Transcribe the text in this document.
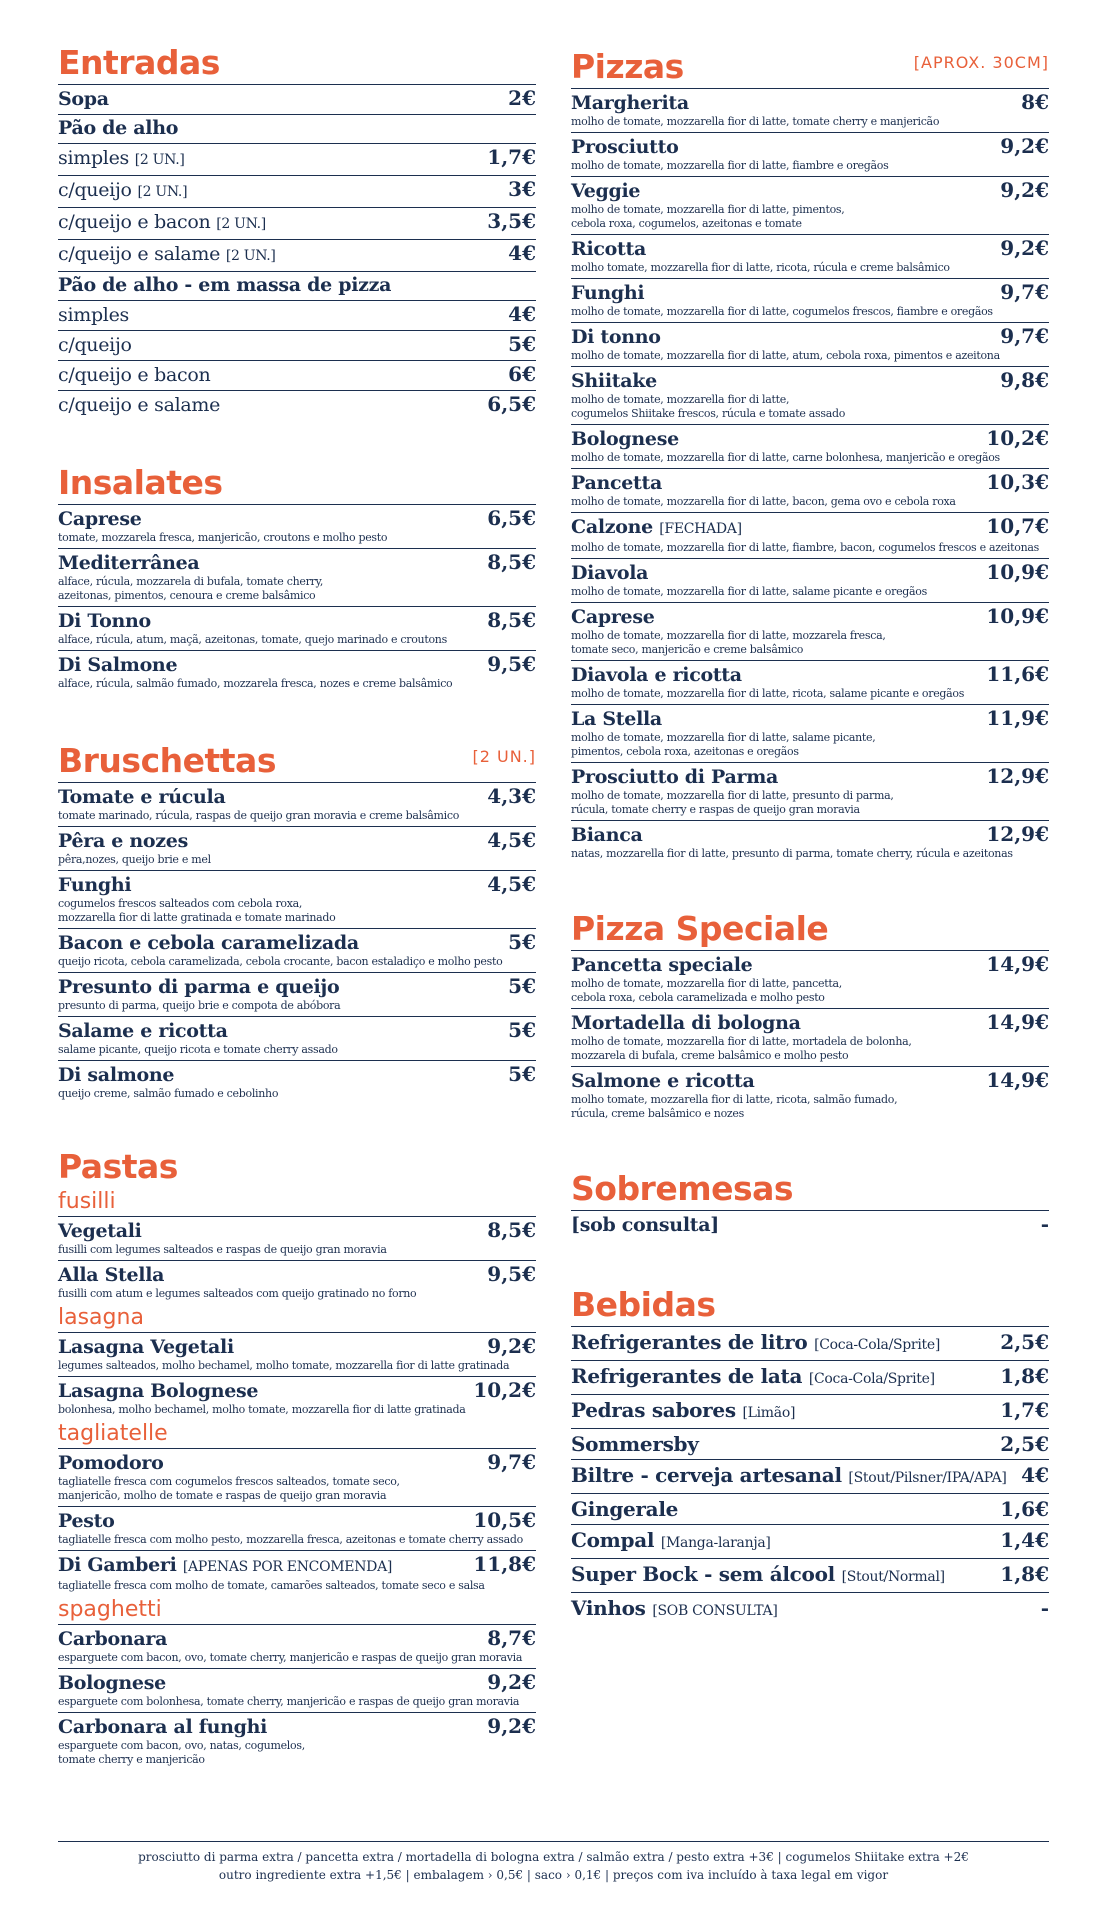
Entradas
Sopa	2€
Pão de alho
simples [2 UN.]	1,7€
c/queijo [2 UN.]	3€
c/queijo e bacon [2 UN.]	3,5€
c/queijo e salame [2 UN.]	4€
Pão de alho - em massa de pizza
simples	4€
c/queijo	5€
c/queijo e bacon	6€
c/queijo e salame	6,5€
Insalates
Caprese	6,5€
tomate, mozzarela fresca, manjericão, croutons e molho pesto
Mediterrânea	8,5€
alface, rúcula, mozzarela di bufala, tomate cherry,
azeitonas, pimentos, cenoura e creme balsâmico
Di Tonno	8,5€
alface, rúcula, atum, maçã, azeitonas, tomate, quejo marinado e croutons
Di Salmone	9,5€
alface, rúcula, salmão fumado, mozzarela fresca, nozes e creme balsâmico
Bruschettas	[2 UN.]
Tomate e rúcula	4,3€
tomate marinado, rúcula, raspas de queijo gran moravia e creme balsâmico
Pêra e nozes	4,5€
pêra,nozes, queijo brie e mel
Funghi	4,5€
cogumelos frescos salteados com cebola roxa,
mozzarella fior di latte gratinada e tomate marinado
Bacon e cebola caramelizada	5€
queijo ricota, cebola caramelizada, cebola crocante, bacon estaladiço e molho pesto
Presunto di parma e queijo	5€
presunto di parma, queijo brie e compota de abóbora
Salame e ricotta	5€
salame picante, queijo ricota e tomate cherry assado
Di salmone	5€
queijo creme, salmão fumado e cebolinho
Pastas
fusilli
Vegetali	8,5€
fusilli com legumes salteados e raspas de queijo gran moravia
Alla Stella	9,5€
fusilli com atum e legumes salteados com queijo gratinado no forno
lasagna
Lasagna Vegetali	9,2€
legumes salteados, molho bechamel, molho tomate, mozzarella fior di latte gratinada
Lasagna Bolognese	10,2€
bolonhesa, molho bechamel, molho tomate, mozzarella fior di latte gratinada
tagliatelle
Pomodoro	9,7€
tagliatelle fresca com cogumelos frescos salteados, tomate seco,
manjericão, molho de tomate e raspas de queijo gran moravia
Pesto	10,5€
tagliatelle fresca com molho pesto, mozzarella fresca, azeitonas e tomate cherry assado
Di Gamberi [APENAS POR ENCOMENDA]	11,8€
tagliatelle fresca com molho de tomate, camarões salteados, tomate seco e salsa
spaghetti
Carbonara	8,7€
esparguete com bacon, ovo, tomate cherry, manjericão e raspas de queijo gran moravia
Bolognese	9,2€
esparguete com bolonhesa, tomate cherry, manjericão e raspas de queijo gran moravia
Carbonara al funghi	9,2€
esparguete com bacon, ovo, natas, cogumelos,
tomate cherry e manjericão
Pizzas	[APROX. 30CM]
Margherita	8€
molho de tomate, mozzarella fior di latte, tomate cherry e manjericão
Prosciutto	9,2€
molho de tomate, mozzarella fior di latte, fiambre e oregãos
Veggie	9,2€
molho de tomate, mozzarella fior di latte, pimentos,
cebola roxa, cogumelos, azeitonas e tomate
Ricotta	9,2€
molho tomate, mozzarella fior di latte, ricota, rúcula e creme balsâmico
Funghi	9,7€
molho de tomate, mozzarella fior di latte, cogumelos frescos, fiambre e oregãos
Di tonno	9,7€
molho de tomate, mozzarella fior di latte, atum, cebola roxa, pimentos e azeitona
Shiitake	9,8€
molho de tomate, mozzarella fior di latte,
cogumelos Shiitake frescos, rúcula e tomate assado
Bolognese	10,2€
molho de tomate, mozzarella fior di latte, carne bolonhesa, manjericão e oregãos
Pancetta	10,3€
molho de tomate, mozzarella fior di latte, bacon, gema ovo e cebola roxa
Calzone [FECHADA]	10,7€
molho de tomate, mozzarella fior di latte, fiambre, bacon, cogumelos frescos e azeitonas
Diavola	10,9€
molho de tomate, mozzarella fior di latte, salame picante e oregãos
Caprese	10,9€
molho de tomate, mozzarella fior di latte, mozzarela fresca,
tomate seco, manjericão e creme balsâmico
Diavola e ricotta	11,6€
molho de tomate, mozzarella fior di latte, ricota, salame picante e oregãos
La Stella	11,9€
molho de tomate, mozzarella fior di latte, salame picante,
pimentos, cebola roxa, azeitonas e oregãos
Prosciutto di Parma	12,9€
molho de tomate, mozzarella fior di latte, presunto di parma,
rúcula, tomate cherry e raspas de queijo gran moravia
Bianca	12,9€
natas, mozzarella fior di latte, presunto di parma, tomate cherry, rúcula e azeitonas
Pizza Speciale
Pancetta speciale	14,9€
molho de tomate, mozzarella fior di latte, pancetta,
cebola roxa, cebola caramelizada e molho pesto
Mortadella di bologna	14,9€
molho de tomate, mozzarella fior di latte, mortadela de bolonha,
mozzarela di bufala, creme balsâmico e molho pesto
Salmone e ricotta	14,9€
molho tomate, mozzarella fior di latte, ricota, salmão fumado,
rúcula, creme balsâmico e nozes
Sobremesas
[sob consulta]	-
Bebidas
Refrigerantes de litro [Coca-Cola/Sprite]	2,5€
Refrigerantes de lata [Coca-Cola/Sprite]	1,8€
Pedras sabores [Limão]	1,7€
Sommersby	2,5€
Biltre - cerveja artesanal [Stout/Pilsner/IPA/APA] 4€
Gingerale	1,6€
Compal [Manga-laranja]	1,4€
Super Bock - sem álcool [Stout/Normal]	1,8€
Vinhos [SOB CONSULTA]	-
prosciutto di parma extra / pancetta extra / mortadella di bologna extra / salmão extra / pesto extra +3€ | cogumelos Shiitake extra +2€
outro ingrediente extra +1,5€ | embalagem › 0,5€ | saco › 0,1€ | preços com iva incluído à taxa legal em vigor
